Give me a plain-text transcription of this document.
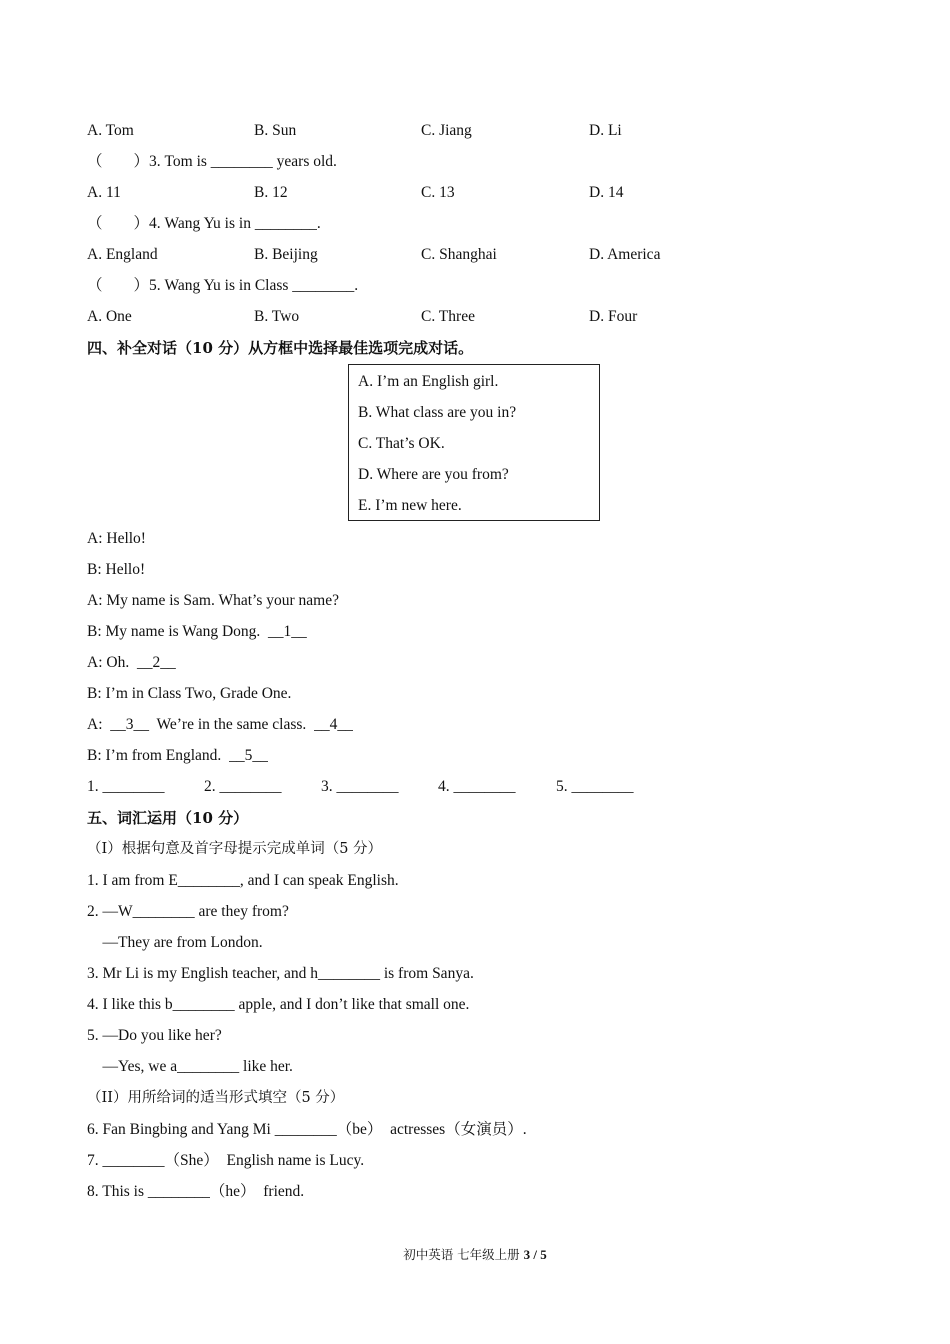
A. Tom	B. Sun	C. Jiang	D. Li
（　　）3. Tom is ________ years old.
A. 11	B. 12	C. 13	D. 14
（　　）4. Wang Yu is in ________.
A. England	B. Beijing	C. Shanghai	D. America
（　　）5. Wang Yu is in Class ________.
A. One	B. Two	C. Three	D. Four
四、补全对话（10 分）从方框中选择最佳选项完成对话。
A. I’m an English girl.
B. What class are you in?
C. That’s OK.
D. Where are you from?
E. I’m new here.
A: Hello!
B: Hello!
A: My name is Sam. What’s your name?
B: My name is Wang Dong. __1__
A: Oh. __2__
B: I’m in Class Two, Grade One.
A: __3__ We’re in the same class. __4__
B: I’m from England. __5__
1. ________	2. ________	3. ________	4. ________	5. ________
五、词汇运用（10 分）
（Ⅰ）根据句意及首字母提示完成单词（5 分）
1. I am from E________, and I can speak English.
2. —W________ are they from?
—They are from London.
3. Mr Li is my English teacher, and h________ is from Sanya.
4. I like this b________ apple, and I don’t like that small one.
5. —Do you like her?
—Yes, we a________ like her.
（II）用所给词的适当形式填空（5 分）
6. Fan Bingbing and Yang Mi ________（be）  actresses（女演员）.
7. ________（She）  English name is Lucy.
8. This is ________（he）  friend.
初中英语 七年级上册 3 / 5
